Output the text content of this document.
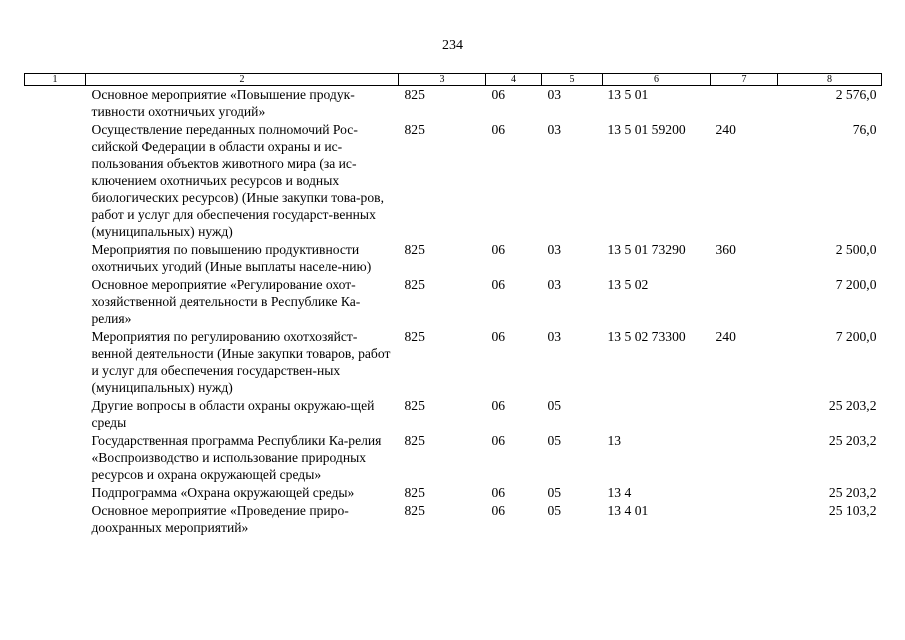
234
1	2	3	4	5	6	7	8
	Основное мероприятие «Повышение продук-тивности охотничьих угодий»	825	06	03	13 5 01		2 576,0
	Осуществление переданных полномочий Рос-сийской Федерации в области охраны и ис-пользования объектов животного мира (за ис-ключением охотничьих ресурсов и водных биологических ресурсов) (Иные закупки това-ров, работ и услуг для обеспечения государст-венных (муниципальных) нужд)	825	06	03	13 5 01 59200	240	76,0
	Мероприятия по повышению продуктивности охотничьих угодий (Иные выплаты населе-нию)	825	06	03	13 5 01 73290	360	2 500,0
	Основное мероприятие «Регулирование охот-хозяйственной деятельности в Республике Ка-релия»	825	06	03	13 5 02		7 200,0
	Мероприятия по регулированию охотхозяйст-венной деятельности (Иные закупки товаров, работ и услуг для обеспечения государствен-ных (муниципальных) нужд)	825	06	03	13 5 02 73300	240	7 200,0
	Другие вопросы в области охраны окружаю-щей среды	825	06	05			25 203,2
	Государственная программа Республики Ка-релия «Воспроизводство и использование природных ресурсов и охрана окружающей среды»	825	06	05	13		25 203,2
	Подпрограмма «Охрана окружающей среды»	825	06	05	13 4		25 203,2
	Основное мероприятие «Проведение приро-доохранных мероприятий»	825	06	05	13 4 01		25 103,2
